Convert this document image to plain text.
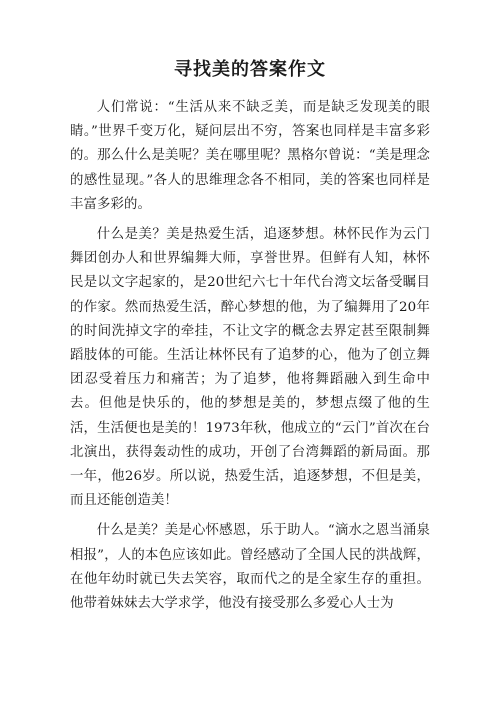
寻找美的答案作文

人们常说：“生活从来不缺乏美，而是缺乏发现美的眼睛。”世界千变万化，疑问层出不穷，答案也同样是丰富多彩的。那么什么是美呢？美在哪里呢？黑格尔曾说：“美是理念的感性显现。”各人的思维理念各不相同，美的答案也同样是丰富多彩的。

什么是美？美是热爱生活，追逐梦想。林怀民作为云门舞团创办人和世界编舞大师，享誉世界。但鲜有人知，林怀民是以文字起家的，是20世纪六七十年代台湾文坛备受瞩目的作家。然而热爱生活，醉心梦想的他，为了编舞用了20年的时间洗掉文字的牵挂，不让文字的概念去界定甚至限制舞蹈肢体的可能。生活让林怀民有了追梦的心，他为了创立舞团忍受着压力和痛苦；为了追梦，他将舞蹈融入到生命中去。但他是快乐的，他的梦想是美的，梦想点缀了他的生活，生活便也是美的！1973年秋，他成立的“云门”首次在台北演出，获得轰动性的成功，开创了台湾舞蹈的新局面。那一年，他26岁。所以说，热爱生活，追逐梦想，不但是美，而且还能创造美！

什么是美？美是心怀感恩，乐于助人。“滴水之恩当涌泉相报”，人的本色应该如此。曾经感动了全国人民的洪战辉，在他年幼时就已失去笑容，取而代之的是全家生存的重担。他带着妹妹去大学求学，他没有接受那么多爱心人士为
